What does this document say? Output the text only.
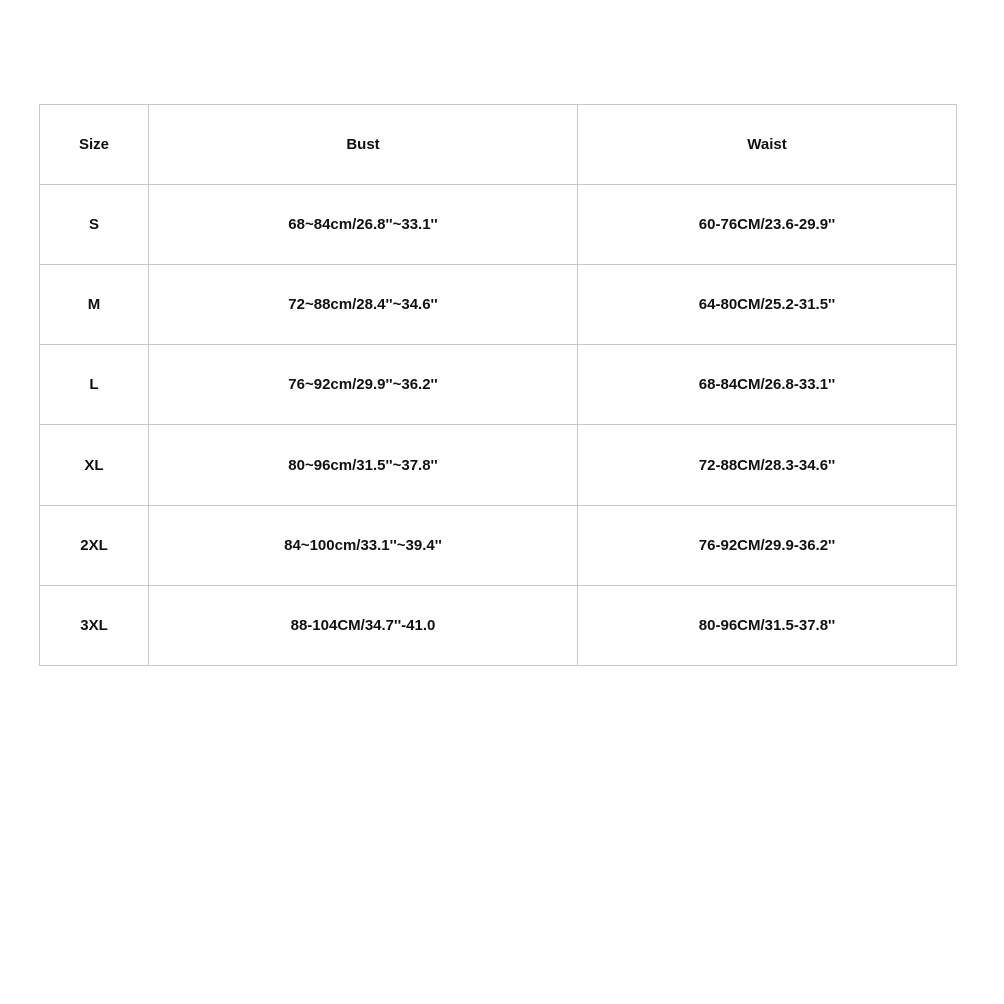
Size	Bust	Waist
S	68~84cm/26.8''~33.1''	60-76CM/23.6-29.9''
M	72~88cm/28.4''~34.6''	64-80CM/25.2-31.5''
L	76~92cm/29.9''~36.2''	68-84CM/26.8-33.1''
XL	80~96cm/31.5''~37.8''	72-88CM/28.3-34.6''
2XL	84~100cm/33.1''~39.4''	76-92CM/29.9-36.2''
3XL	88-104CM/34.7''-41.0	80-96CM/31.5-37.8''
